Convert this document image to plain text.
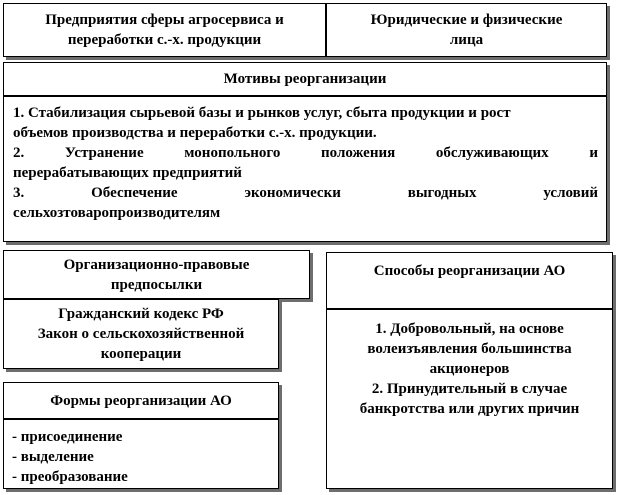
Предприятия сферы агросервиса и
переработки с.-х. продукции
Юридические и физические
лица
Мотивы реорганизации
1. Стабилизация сырьевой базы и рынков услуг, сбыта продукции и рост
объемов производства и переработки с.-х. продукции.
2. Устранение монопольного положения обслуживающих и
перерабатывающих предприятий
3. Обеспечение экономически выгодных условий
сельхозтоваропроизводителям
Организационно-правовые
предпосылки
Гражданский кодекс РФ
Закон о сельскохозяйственной
кооперации
Формы реорганизации АО
- присоединение
- выделение
- преобразование
Способы реорганизации АО
1. Добровольный, на основе
волеизъявления большинства
акционеров
2. Принудительный в случае
банкротства или других причин
